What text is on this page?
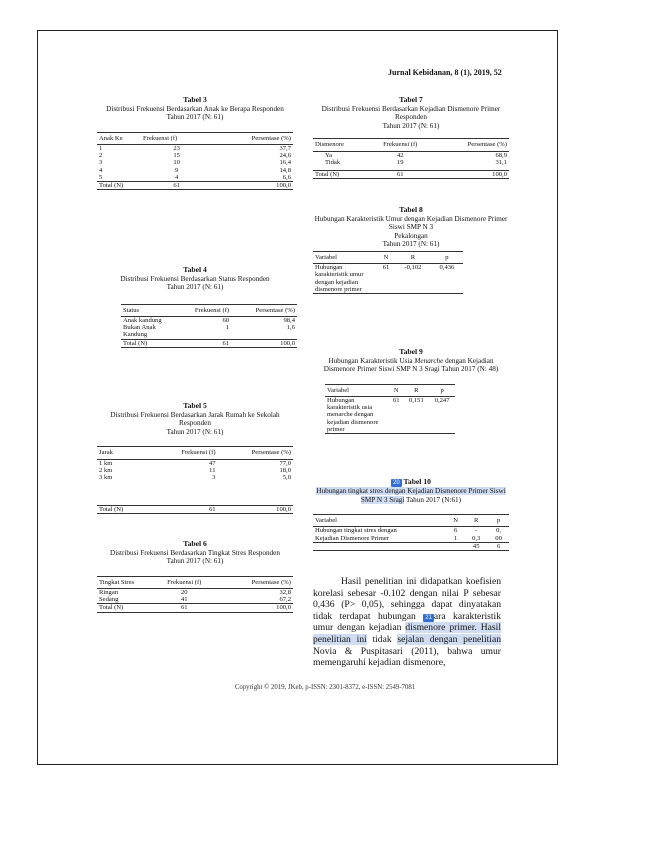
Jurnal Kebidanan, 8 (1), 2019, 52

Tabel 3

Distribusi Frekuensi Berdasarkan Anak ke Berapa Responden

Tahun 2017 (N: 61)

Anak Ke	Frekuensi (f)	Persentase (%)
1	23	37,7
2	15	24,6
3	10	16,4
4	9	14,8
5	4	6,6
Total (N)	61	100,0

Tabel 4

Distribusi Frekuensi Berdasarkan Status Responden

Tahun 2017 (N: 61)

Status	Frekuensi (f)	Persentase (%)
Anak kandung	60	98,4
Bukan Anak Kandung	1	1,6
Total (N)	61	100,0

Tabel 5

Distribusi Frekuensi Berdasarkan Jarak Rumah ke Sekolah Responden

Tahun 2017 (N: 61)

Jarak	Frekuensi (f)	Persentase (%)
1 km	47	77,0
2 km	11	18,0
3 km	3	5,0

Total (N)	61	100,0

Tabel 6

Distribusi Frekuensi Berdasarkan Tingkat Stres Responden

Tahun 2017 (N: 61)

Tingkat Stres	Frekuensi (f)	Persentase (%)
Ringan	20	32,8
Sedang	41	67,2
Total (N)	61	100,0

Tabel 7

Distribusi Frekuensi Berdasarkan Kejadian Dismenore Primer Responden

Tahun 2017 (N: 61)

Dismenore	Frekuensi (f)	Persentase (%)
Ya	42	68,9
Tidak	19	31,1

Total (N)	61	100,0

Tabel 8

Hubungan Karakteristik Umur dengan Kejadian Dismenore Primer Siswi SMP N 3

Pekalongan

Tahun 2017 (N: 61)

Variabel	N	R	p
Hubungan karakteristik umur dengan kejadian dismenore primer	61	-0,102	0,436

Tabel 9

Hubungan Karakteristik Usia Menarche dengan Kejadian Dismenore Primer Siswi SMP N 3 Sragi Tahun 2017 (N: 48)

Variabel	N	R	p
Hubungan karakteristik usia menarche dengan kejadian dismenore primer	61	0,151	0,247

20 Tabel 10

Hubungan tingkat stres dengan Kejadian Dismenore Primer Siswi

SMP N 3 Sragi Tahun 2017 (N:61)

Variabel	N	R	p
Hubungan tingkat stres dengan	6	-	0,
Kejadian Dismenore Primer	1	0,3	00
		45	6
Hasil penelitian ini didapatkan koefisien korelasi sebesar -0.102 dengan nilai P sebesar 0,436 (P> 0,05), sehingga dapat dinyatakan tidak terdapat hubungan 21 ara karakteristik umur dengan kejadian dismenore primer. Hasil penelitian ini tidak sejalan dengan penelitian Novia & Puspitasari (2011), bahwa umur memengaruhi kejadian dismenore,
Copyright © 2019, JKeb, p-ISSN: 2301-8372, e-ISSN: 2549-7081
